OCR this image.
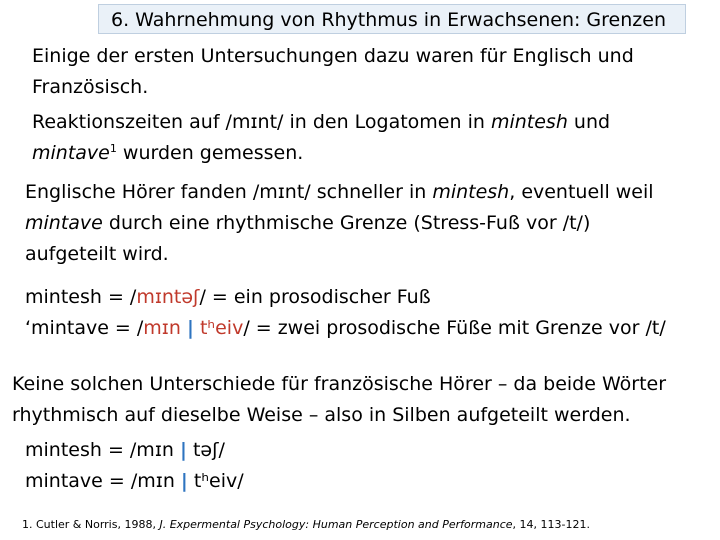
6. Wahrnehmung von Rhythmus in Erwachsenen: Grenzen

Einige der ersten Untersuchungen dazu waren für Englisch und

Französisch.

Reaktionszeiten auf /mɪnt/ in den Logatomen in mintesh und

mintave$^1$ wurden gemessen.

Englische Hörer fanden /mɪnt/ schneller in mintesh, eventuell weil

mintave durch eine rhythmische Grenze (Stress-Fuß vor /t/)

aufgeteilt wird.

mintesh = /mɪntəʃ/ = ein prosodischer Fuß

‘mintave = /mɪn | tʰeiv/ = zwei prosodische Füße mit Grenze vor /t/

Keine solchen Unterschiede für französische Hörer – da beide Wörter

rhythmisch auf dieselbe Weise – also in Silben aufgeteilt werden.

mintesh = /mɪn | təʃ/

mintave = /mɪn | tʰeiv/

1. Cutler & Norris, 1988, J. Expermental Psychology: Human Perception and Performance, 14, 113-121.
